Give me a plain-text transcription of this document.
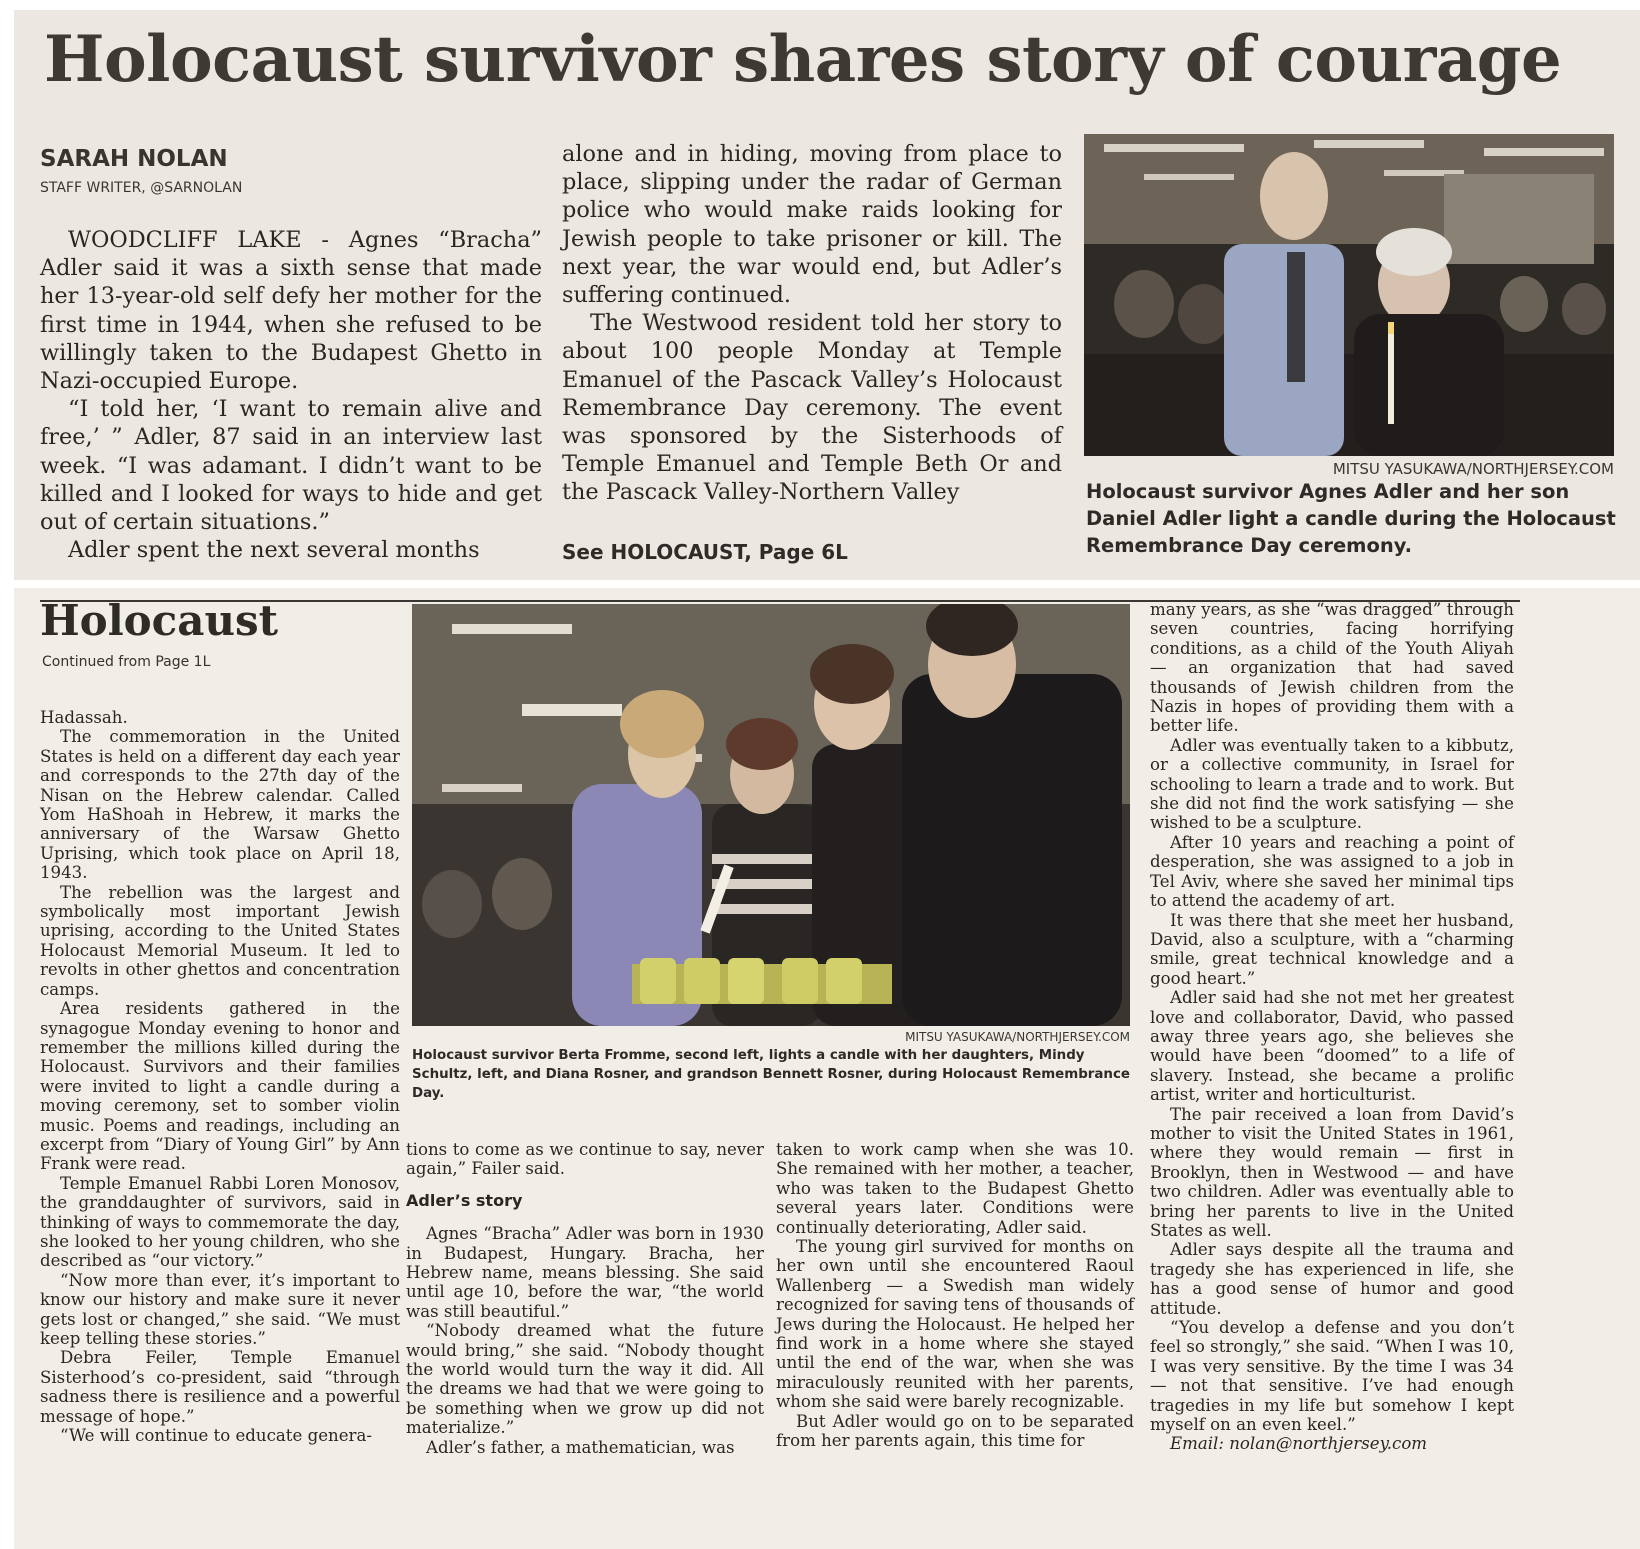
Holocaust survivor shares story of courage
SARAH NOLAN
STAFF WRITER, @SARNOLAN

WOODCLIFF LAKE - Agnes “Bracha” Adler said it was a sixth sense that made her 13-year-old self defy her mother for the first time in 1944, when she refused to be willingly taken to the Budapest Ghetto in Nazi-occupied Europe.

“I told her, ‘I want to remain alive and free,’ ” Adler, 87 said in an interview last week. “I was adamant. I didn’t want to be killed and I looked for ways to hide and get out of certain situations.”

Adler spent the next several months

alone and in hiding, moving from place to place, slipping under the radar of German police who would make raids looking for Jewish people to take prisoner or kill. The next year, the war would end, but Adler’s suffering continued.

The Westwood resident told her story to about 100 people Monday at Temple Emanuel of the Pascack Valley’s Holocaust Remembrance Day ceremony. The event was sponsored by the Sisterhoods of Temple Emanuel and Temple Beth Or and the Pascack Valley-Northern Valley

See HOLOCAUST, Page 6L
MITSU YASUKAWA/NORTHJERSEY.COM
Holocaust survivor Agnes Adler and her son Daniel Adler light a candle during the Holocaust Remembrance Day ceremony.
Holocaust
Continued from Page 1L

Hadassah.

The commemoration in the United States is held on a different day each year and corresponds to the 27th day of the Nisan on the Hebrew calendar. Called Yom HaShoah in Hebrew, it marks the anniversary of the Warsaw Ghetto Uprising, which took place on April 18, 1943.

The rebellion was the largest and symbolically most important Jewish uprising, according to the United States Holocaust Memorial Museum. It led to revolts in other ghettos and concentration camps.

Area residents gathered in the synagogue Monday evening to honor and remember the millions killed during the Holocaust. Survivors and their families were invited to light a candle during a moving ceremony, set to somber violin music. Poems and readings, including an excerpt from “Diary of Young Girl” by Ann Frank were read.

Temple Emanuel Rabbi Loren Monosov, the granddaughter of survivors, said in thinking of ways to commemorate the day, she looked to her young children, who she described as “our victory.”

“Now more than ever, it’s important to know our history and make sure it never gets lost or changed,” she said. “We must keep telling these stories.”

Debra Feiler, Temple Emanuel Sisterhood’s co-president, said “through sadness there is resilience and a powerful message of hope.”

“We will continue to educate genera-

MITSU YASUKAWA/NORTHJERSEY.COM
Holocaust survivor Berta Fromme, second left, lights a candle with her daughters, Mindy Schultz, left, and Diana Rosner, and grandson Bennett Rosner, during Holocaust Remembrance Day.

tions to come as we continue to say, never again,” Failer said.

Adler’s story

Agnes “Bracha” Adler was born in 1930 in Budapest, Hungary. Bracha, her Hebrew name, means blessing. She said until age 10, before the war, “the world was still beautiful.”

“Nobody dreamed what the future would bring,” she said. “Nobody thought the world would turn the way it did. All the dreams we had that we were going to be something when we grow up did not materialize.”

Adler’s father, a mathematician, was

taken to work camp when she was 10. She remained with her mother, a teacher, who was taken to the Budapest Ghetto several years later. Conditions were continually deteriorating, Adler said.

The young girl survived for months on her own until she encountered Raoul Wallenberg — a Swedish man widely recognized for saving tens of thousands of Jews during the Holocaust. He helped her find work in a home where she stayed until the end of the war, when she was miraculously reunited with her parents, whom she said were barely recognizable.

But Adler would go on to be separated from her parents again, this time for

many years, as she “was dragged” through seven countries, facing horrifying conditions, as a child of the Youth Aliyah — an organization that had saved thousands of Jewish children from the Nazis in hopes of providing them with a better life.

Adler was eventually taken to a kibbutz, or a collective community, in Israel for schooling to learn a trade and to work. But she did not find the work satisfying — she wished to be a sculpture.

After 10 years and reaching a point of desperation, she was assigned to a job in Tel Aviv, where she saved her minimal tips to attend the academy of art.

It was there that she meet her husband, David, also a sculpture, with a “charming smile, great technical knowledge and a good heart.”

Adler said had she not met her greatest love and collaborator, David, who passed away three years ago, she believes she would have been “doomed” to a life of slavery. Instead, she became a prolific artist, writer and horticulturist.

The pair received a loan from David’s mother to visit the United States in 1961, where they would remain — first in Brooklyn, then in Westwood — and have two children. Adler was eventually able to bring her parents to live in the United States as well.

Adler says despite all the trauma and tragedy she has experienced in life, she has a good sense of humor and good attitude.

“You develop a defense and you don’t feel so strongly,” she said. “When I was 10, I was very sensitive. By the time I was 34 — not that sensitive. I’ve had enough tragedies in my life but somehow I kept myself on an even keel.”

Email: nolan@northjersey.com
